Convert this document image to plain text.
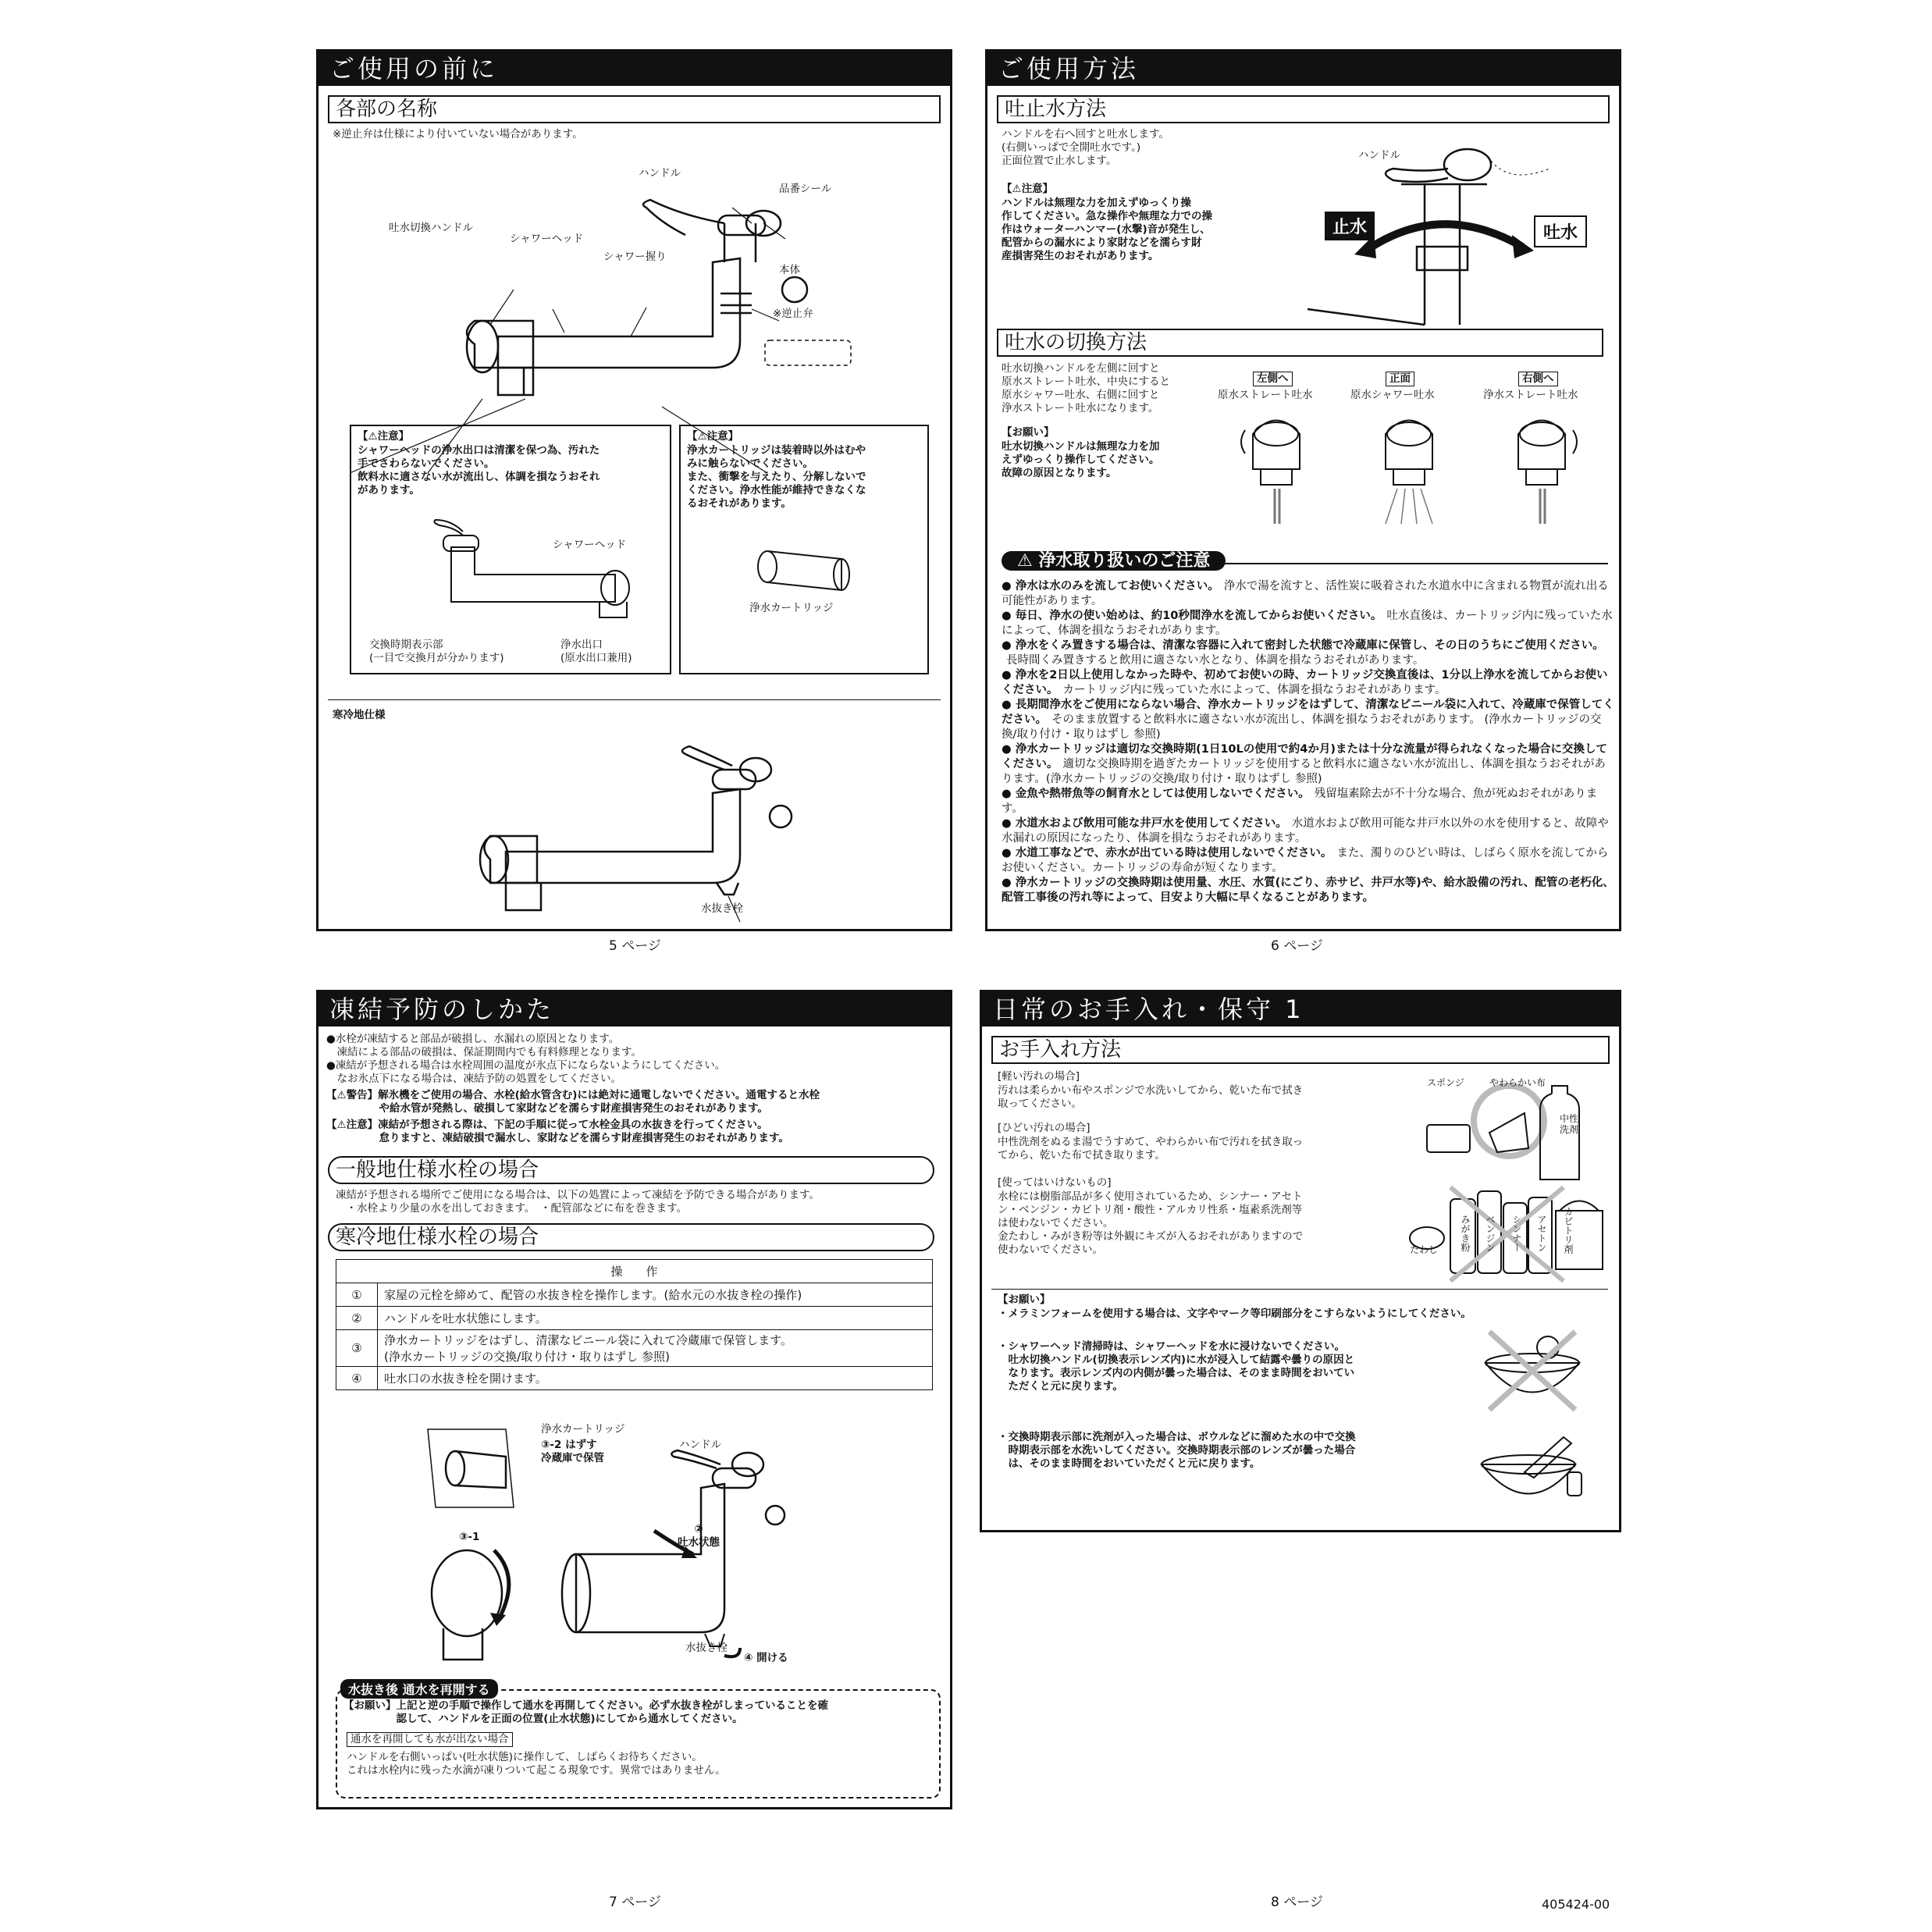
ご使用の前に
各部の名称
※逆止弁は仕様により付いていない場合があります。
ハンドル
品番シール
吐水切換ハンドル
シャワーヘッド
シャワー握り
本体
※逆止弁
【⚠注意】
シャワーヘッドの浄水出口は清潔を保つ為、汚れた
手でさわらないでください。
飲料水に適さない水が流出し、体調を損なうおそれ
があります。
シャワーヘッド
交換時期表示部
(一目で交換月が分かります)
浄水出口
(原水出口兼用)
【⚠注意】
浄水カートリッジは装着時以外はむや
みに触らないでください。
また、衝撃を与えたり、分解しないで
ください。浄水性能が維持できなくな
るおそれがあります。
浄水カートリッジ
寒冷地仕様
水抜き栓
5 ページ
ご使用方法
吐止水方法
ハンドルを右へ回すと吐水します。
(右側いっぱで全開吐水です。)
正面位置で止水します。
【⚠注意】
ハンドルは無理な力を加えずゆっくり操
作してください。急な操作や無理な力での操
作はウォーターハンマー(水撃)音が発生し、
配管からの漏水により家財などを濡らす財
産損害発生のおそれがあります。
ハンドル
止水	吐水
吐水の切換方法
吐水切換ハンドルを左側に回すと
原水ストレート吐水、中央にすると
原水シャワー吐水、右側に回すと
浄水ストレート吐水になります。
【お願い】
吐水切換ハンドルは無理な力を加
えずゆっくり操作してください。
故障の原因となります。
左側へ
原水ストレート吐水
正面
原水シャワー吐水
右側へ
浄水ストレート吐水
⚠ 浄水取り扱いのご注意
● 浄水は水のみを流してお使いください。 浄水で湯を流すと、活性炭に吸着された水道水中に含まれる物質が流れ出る可能性があります。
● 毎日、浄水の使い始めは、約10秒間浄水を流してからお使いください。 吐水直後は、カートリッジ内に残っていた水によって、体調を損なうおそれがあります。
● 浄水をくみ置きする場合は、清潔な容器に入れて密封した状態で冷蔵庫に保管し、その日のうちにご使用ください。長時間くみ置きすると飲用に適さない水となり、体調を損なうおそれがあります。
● 浄水を2日以上使用しなかった時や、初めてお使いの時、カートリッジ交換直後は、1分以上浄水を流してからお使いください。 カートリッジ内に残っていた水によって、体調を損なうおそれがあります。
● 長期間浄水をご使用にならない場合、浄水カートリッジをはずして、清潔なビニール袋に入れて、冷蔵庫で保管してください。 そのまま放置すると飲料水に適さない水が流出し、体調を損なうおそれがあります。 (浄水カートリッジの交換/取り付け・取りはずし 参照)
● 浄水カートリッジは適切な交換時期(1日10Lの使用で約4か月)または十分な流量が得られなくなった場合に交換してください。 適切な交換時期を過ぎたカートリッジを使用すると飲料水に適さない水が流出し、体調を損なうおそれがあります。(浄水カートリッジの交換/取り付け・取りはずし 参照)
● 金魚や熱帯魚等の飼育水としては使用しないでください。 残留塩素除去が不十分な場合、魚が死ぬおそれがあります。
● 水道水および飲用可能な井戸水を使用してください。 水道水および飲用可能な井戸水以外の水を使用すると、故障や水漏れの原因になったり、体調を損なうおそれがあります。
● 水道工事などで、赤水が出ている時は使用しないでください。 また、濁りのひどい時は、しばらく原水を流してからお使いください。カートリッジの寿命が短くなります。
● 浄水カートリッジの交換時期は使用量、水圧、水質(にごり、赤サビ、井戸水等)や、給水設備の汚れ、配管の老朽化、配管工事後の汚れ等によって、目安より大幅に早くなることがあります。
6 ページ
凍結予防のしかた
●水栓が凍結すると部品が破損し、水漏れの原因となります。
　凍結による部品の破損は、保証期間内でも有料修理となります。
●凍結が予想される場合は水栓周囲の温度が氷点下にならないようにしてください。
　なお氷点下になる場合は、凍結予防の処置をしてください。
【⚠警告】解氷機をご使用の場合、水栓(給水管含む)には絶対に通電しないでください。通電すると水栓
　　　　　や給水管が発熱し、破損して家財などを濡らす財産損害発生のおそれがあります。
【⚠注意】凍結が予想される際は、下記の手順に従って水栓金具の水抜きを行ってください。
　　　　　怠りますと、凍結破損で漏水し、家財などを濡らす財産損害発生のおそれがあります。
一般地仕様水栓の場合
凍結が予想される場所でご使用になる場合は、以下の処置によって凍結を予防できる場合があります。
　・水栓より少量の水を出しておきます。　・配管部などに布を巻きます。
寒冷地仕様水栓の場合
操　　作	
①	家屋の元栓を締めて、配管の水抜き栓を操作します。(給水元の水抜き栓の操作)
②	ハンドルを吐水状態にします。
③	浄水カートリッジをはずし、清潔なビニール袋に入れて冷蔵庫で保管します。
(浄水カートリッジの交換/取り付け・取りはずし 参照)
④	吐水口の水抜き栓を開けます。
浄水カートリッジ
③-2 はずす
冷蔵庫で保管
ハンドル
②
吐水状態
③-1
水抜き栓
④ 開ける
水抜き後 通水を再開する
【お願い】上記と逆の手順で操作して通水を再開してください。必ず水抜き栓がしまっていることを確
　　　　　認して、ハンドルを正面の位置(止水状態)にしてから通水してください。
通水を再開しても水が出ない場合
ハンドルを右側いっぱい(吐水状態)に操作して、しばらくお待ちください。
これは水栓内に残った水滴が凍りついて起こる現象です。異常ではありません。
7 ページ
日常のお手入れ・保守 1
お手入れ方法
[軽い汚れの場合]
汚れは柔らかい布やスポンジで水洗いしてから、乾いた布で拭き
取ってください。
[ひどい汚れの場合]
中性洗剤をぬるま湯でうすめて、やわらかい布で汚れを拭き取っ
てから、乾いた布で拭き取ります。
[使ってはいけないもの]
水栓には樹脂部品が多く使用されているため、シンナー・アセト
ン・ベンジン・カビトリ剤・酸性・アルカリ性系・塩素系洗剤等
は使わないでください。
金たわし・みがき粉等は外観にキズが入るおそれがありますので
使わないでください。
スポンジ	やわらかい布
中性
洗剤
たわし みがき粉 ベンジン シンナー アセトン カビトリ剤
【お願い】
・メラミンフォームを使用する場合は、文字やマーク等印刷部分をこすらないようにしてください。
・シャワーヘッド清掃時は、シャワーヘッドを水に浸けないでください。
　吐水切換ハンドル(切換表示レンズ内)に水が浸入して結露や曇りの原因と
　なります。表示レンズ内の内側が曇った場合は、そのまま時間をおいてい
　ただくと元に戻ります。
・交換時期表示部に洗剤が入った場合は、ボウルなどに溜めた水の中で交換
　時期表示部を水洗いしてください。交換時期表示部のレンズが曇った場合
　は、そのまま時間をおいていただくと元に戻ります。
8 ページ	405424-00
